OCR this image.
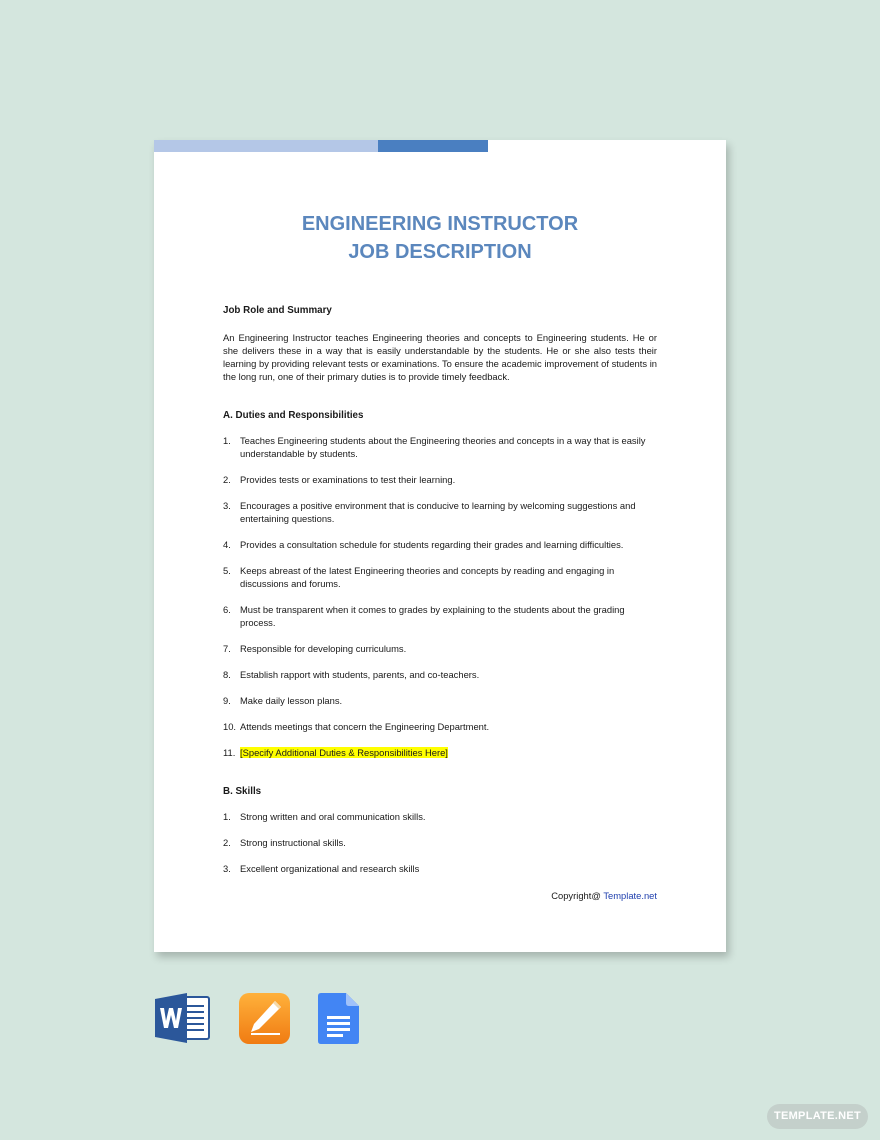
ENGINEERING INSTRUCTOR
JOB DESCRIPTION
Job Role and Summary
An Engineering Instructor teaches Engineering theories and concepts to Engineering students. He or she delivers these in a way that is easily understandable by the students. He or she also tests their learning by providing relevant tests or examinations. To ensure the academic improvement of students in the long run, one of their primary duties is to provide timely feedback.
A. Duties and Responsibilities
1. Teaches Engineering students about the Engineering theories and concepts in a way that is easily understandable by students.
2. Provides tests or examinations to test their learning.
3. Encourages a positive environment that is conducive to learning by welcoming suggestions and entertaining questions.
4. Provides a consultation schedule for students regarding their grades and learning difficulties.
5. Keeps abreast of the latest Engineering theories and concepts by reading and engaging in discussions and forums.
6. Must be transparent when it comes to grades by explaining to the students about the grading process.
7. Responsible for developing curriculums.
8. Establish rapport with students, parents, and co-teachers.
9. Make daily lesson plans.
10. Attends meetings that concern the Engineering Department.
11. [Specify Additional Duties & Responsibilities Here]
B. Skills
1. Strong written and oral communication skills.
2. Strong instructional skills.
3. Excellent organizational and research skills
Copyright@ Template.net
TEMPLATE.NET
